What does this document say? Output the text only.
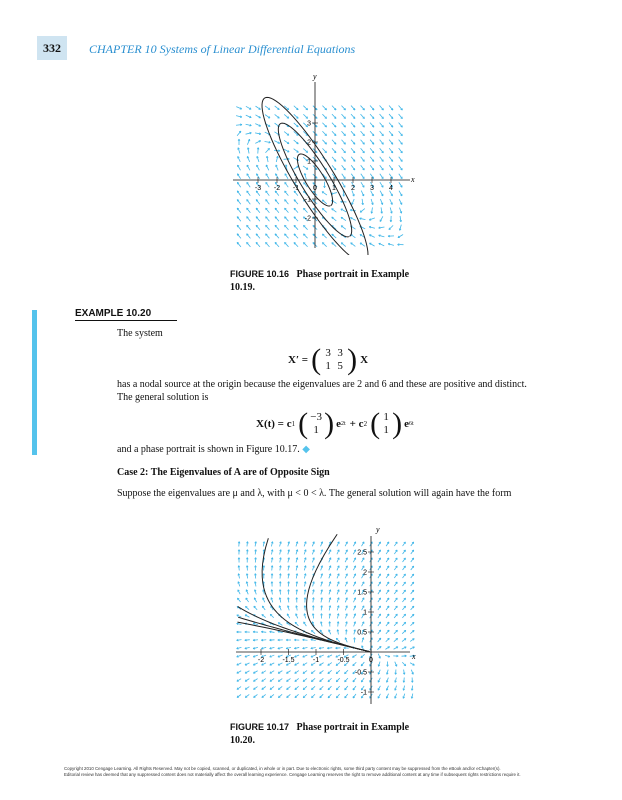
332	CHAPTER 10 Systems of Linear Differential Equations
-3 -2 -1 0 1 2 3 4
3
2
1
-1
-2
x
y
FIGURE 10.16 Phase portrait in Example 10.19.
EXAMPLE 10.20
The system
X′ = ( 3 3
1 5 ) X
has a nodal source at the origin because the eigenvalues are 2 and 6 and these are positive and distinct. The general solution is
X(t) = c 1 ( −3
1 ) e 2t + c 2 ( 1
1 ) e 6t
and a phase portrait is shown in Figure 10.17. ◆
Case 2: The Eigenvalues of A are of Opposite Sign
Suppose the eigenvalues are μ and λ, with μ < 0 < λ. The general solution will again have the form
-2	-1.5	-1	-0.5	0
2.5
2
1.5
1
0.5
-0.5
-1
x
y
FIGURE 10.17 Phase portrait in Example 10.20.
Copyright 2010 Cengage Learning. All Rights Reserved. May not be copied, scanned, or duplicated, in whole or in part. Due to electronic rights, some third party content may be suppressed from the eBook and/or eChapter(s).
Editorial review has deemed that any suppressed content does not materially affect the overall learning experience. Cengage Learning reserves the right to remove additional content at any time if subsequent rights restrictions require it.
